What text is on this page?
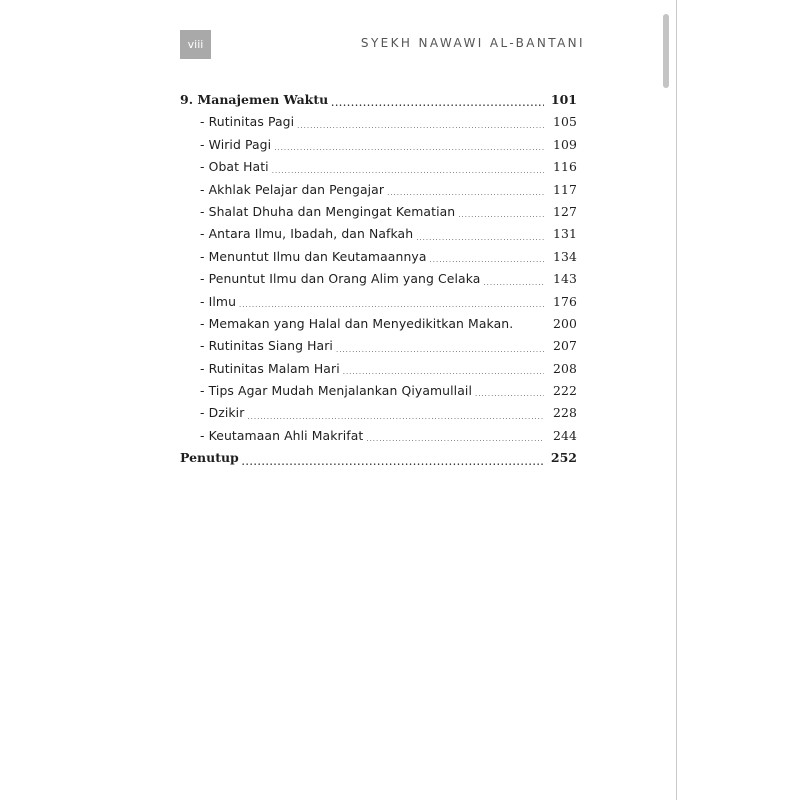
viii	SYEKH NAWAWI AL-BANTANI
9. Manajemen Waktu .....	101
- Rutinitas Pagi .....	105
- Wirid Pagi .....	109
- Obat Hati .....	116
- Akhlak Pelajar dan Pengajar .....	117
- Shalat Dhuha dan Mengingat Kematian .....	127
- Antara Ilmu, Ibadah, dan Nafkah .....	131
- Menuntut Ilmu dan Keutamaannya .....	134
- Penuntut Ilmu dan Orang Alim yang Celaka .....	143
- Ilmu .....	176
- Memakan yang Halal dan Menyedikitkan Makan.	200
- Rutinitas Siang Hari .....	207
- Rutinitas Malam Hari .....	208
- Tips Agar Mudah Menjalankan Qiyamullail .....	222
- Dzikir .....	228
- Keutamaan Ahli Makrifat .....	244
Penutup .....	252
